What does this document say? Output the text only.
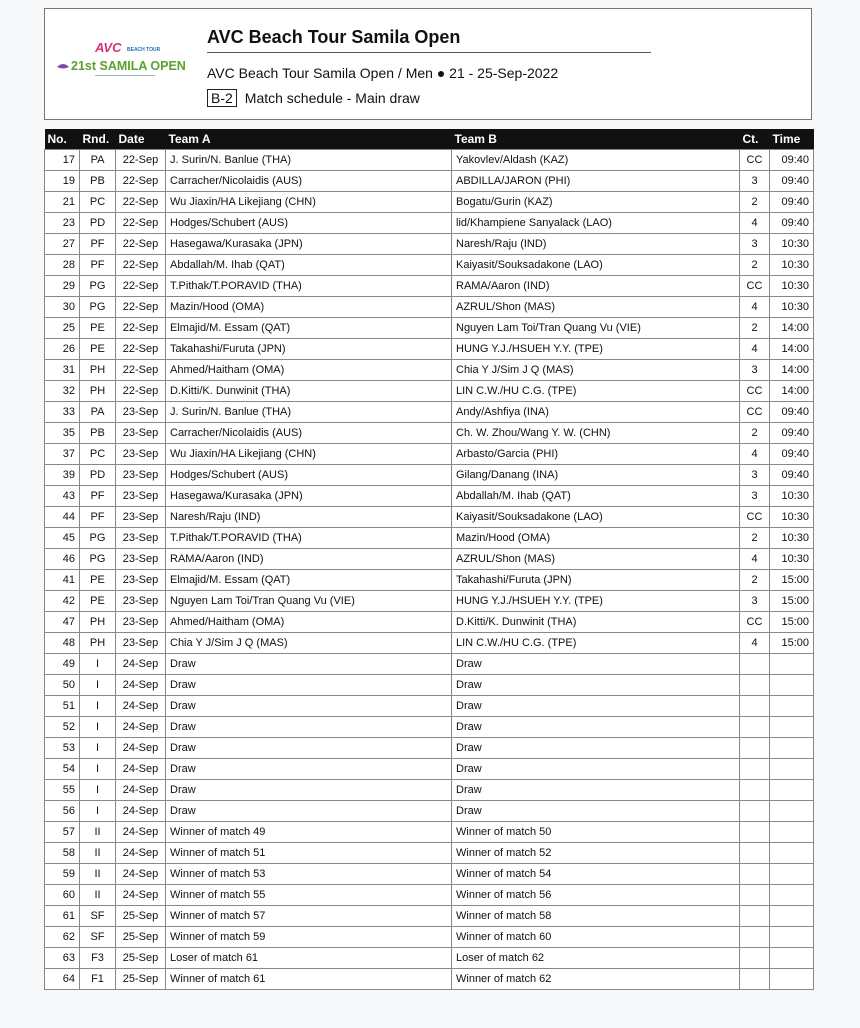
AVC BEACH TOUR
21st SAMILA OPEN
AVC Beach Tour Samila Open
AVC Beach Tour Samila Open / Men ● 21 - 25-Sep-2022
B-2 Match schedule - Main draw
No.	Rnd.	Date	Team A	Team B	Ct.	Time
17	PA	22-Sep	J. Surin/N. Banlue (THA)	Yakovlev/Aldash (KAZ)	CC	09:40
19	PB	22-Sep	Carracher/Nicolaidis (AUS)	ABDILLA/JARON (PHI)	3	09:40
21	PC	22-Sep	Wu Jiaxin/HA Likejiang (CHN)	Bogatu/Gurin (KAZ)	2	09:40
23	PD	22-Sep	Hodges/Schubert (AUS)	lid/Khampiene Sanyalack (LAO)	4	09:40
27	PF	22-Sep	Hasegawa/Kurasaka (JPN)	Naresh/Raju (IND)	3	10:30
28	PF	22-Sep	Abdallah/M. Ihab (QAT)	Kaiyasit/Souksadakone (LAO)	2	10:30
29	PG	22-Sep	T.Pithak/T.PORAVID (THA)	RAMA/Aaron (IND)	CC	10:30
30	PG	22-Sep	Mazin/Hood (OMA)	AZRUL/Shon (MAS)	4	10:30
25	PE	22-Sep	Elmajid/M. Essam (QAT)	Nguyen Lam Toi/Tran Quang Vu (VIE)	2	14:00
26	PE	22-Sep	Takahashi/Furuta (JPN)	HUNG Y.J./HSUEH Y.Y. (TPE)	4	14:00
31	PH	22-Sep	Ahmed/Haitham (OMA)	Chia Y J/Sim J Q (MAS)	3	14:00
32	PH	22-Sep	D.Kitti/K. Dunwinit (THA)	LIN C.W./HU C.G. (TPE)	CC	14:00
33	PA	23-Sep	J. Surin/N. Banlue (THA)	Andy/Ashfiya (INA)	CC	09:40
35	PB	23-Sep	Carracher/Nicolaidis (AUS)	Ch. W. Zhou/Wang Y. W. (CHN)	2	09:40
37	PC	23-Sep	Wu Jiaxin/HA Likejiang (CHN)	Arbasto/Garcia (PHI)	4	09:40
39	PD	23-Sep	Hodges/Schubert (AUS)	Gilang/Danang (INA)	3	09:40
43	PF	23-Sep	Hasegawa/Kurasaka (JPN)	Abdallah/M. Ihab (QAT)	3	10:30
44	PF	23-Sep	Naresh/Raju (IND)	Kaiyasit/Souksadakone (LAO)	CC	10:30
45	PG	23-Sep	T.Pithak/T.PORAVID (THA)	Mazin/Hood (OMA)	2	10:30
46	PG	23-Sep	RAMA/Aaron (IND)	AZRUL/Shon (MAS)	4	10:30
41	PE	23-Sep	Elmajid/M. Essam (QAT)	Takahashi/Furuta (JPN)	2	15:00
42	PE	23-Sep	Nguyen Lam Toi/Tran Quang Vu (VIE)	HUNG Y.J./HSUEH Y.Y. (TPE)	3	15:00
47	PH	23-Sep	Ahmed/Haitham (OMA)	D.Kitti/K. Dunwinit (THA)	CC	15:00
48	PH	23-Sep	Chia Y J/Sim J Q (MAS)	LIN C.W./HU C.G. (TPE)	4	15:00
49	I	24-Sep	Draw	Draw		
50	I	24-Sep	Draw	Draw		
51	I	24-Sep	Draw	Draw		
52	I	24-Sep	Draw	Draw		
53	I	24-Sep	Draw	Draw		
54	I	24-Sep	Draw	Draw		
55	I	24-Sep	Draw	Draw		
56	I	24-Sep	Draw	Draw		
57	II	24-Sep	Winner of match 49	Winner of match 50		
58	II	24-Sep	Winner of match 51	Winner of match 52		
59	II	24-Sep	Winner of match 53	Winner of match 54		
60	II	24-Sep	Winner of match 55	Winner of match 56		
61	SF	25-Sep	Winner of match 57	Winner of match 58		
62	SF	25-Sep	Winner of match 59	Winner of match 60		
63	F3	25-Sep	Loser of match 61	Loser of match 62		
64	F1	25-Sep	Winner of match 61	Winner of match 62		
